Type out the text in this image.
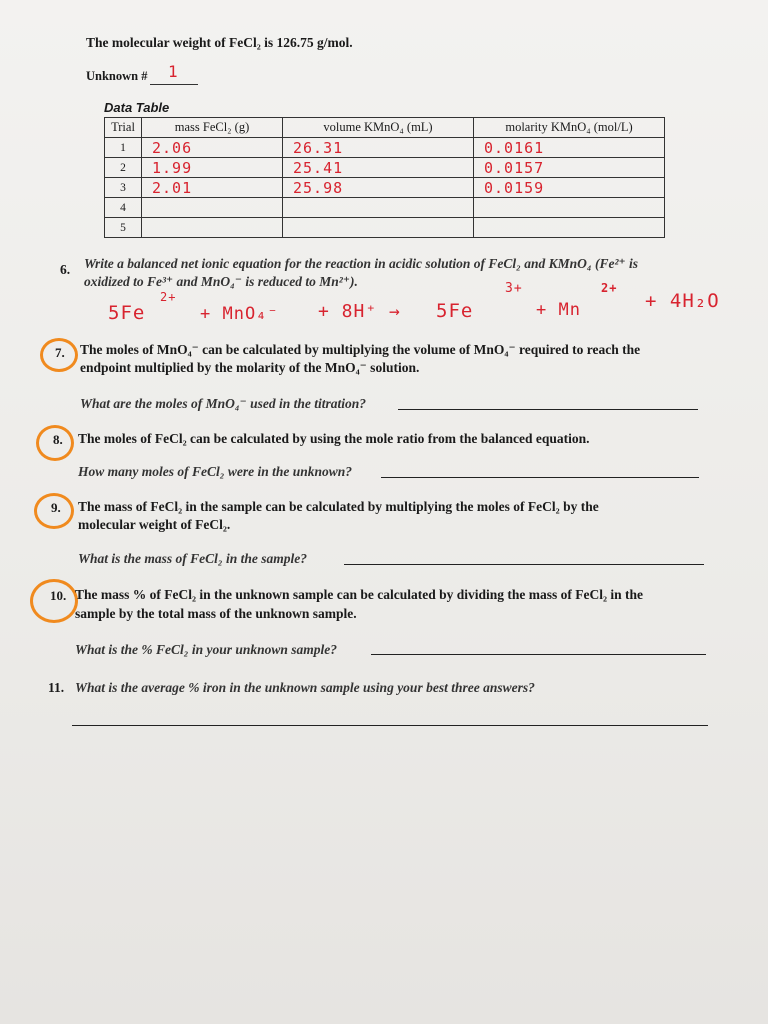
The molecular weight of FeCl₂ is 126.75 g/mol.
Unknown # 1
Data Table
Trial	mass FeCl₂ (g)	volume KMnO₄ (mL)	molarity KMnO₄ (mol/L)
1	2.06	26.31	0.0161
2	1.99	25.41	0.0157
3	2.01	25.98	0.0159
4			
5			
6. Write a balanced net ionic equation for the reaction in acidic solution of FeCl₂ and KMnO₄ (Fe²⁺ is
oxidized to Fe³⁺ and MnO₄⁻ is reduced to Mn²⁺).
5Fe
2+
+ MnO₄⁻ + 8H⁺ → 5Fe
3+
+ Mn
2+
+ 4H₂O
7. The moles of MnO₄⁻ can be calculated by multiplying the volume of MnO₄⁻ required to reach the
endpoint multiplied by the molarity of the MnO₄⁻ solution.
What are the moles of MnO₄⁻ used in the titration?
8. The moles of FeCl₂ can be calculated by using the mole ratio from the balanced equation.
How many moles of FeCl₂ were in the unknown?
9. The mass of FeCl₂ in the sample can be calculated by multiplying the moles of FeCl₂ by the
molecular weight of FeCl₂.
What is the mass of FeCl₂ in the sample?
10. The mass % of FeCl₂ in the unknown sample can be calculated by dividing the mass of FeCl₂ in the
sample by the total mass of the unknown sample.
What is the % FeCl₂ in your unknown sample?
11. What is the average % iron in the unknown sample using your best three answers?
